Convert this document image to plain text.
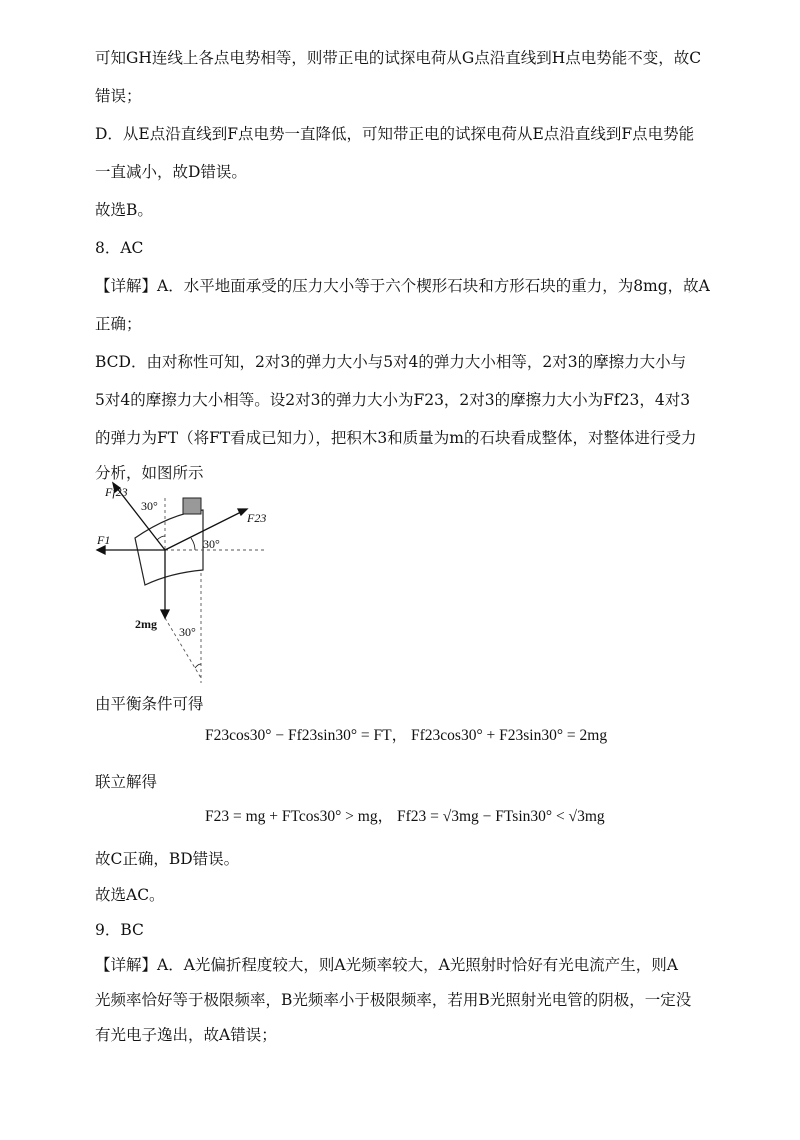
可知GH连线上各点电势相等，则带正电的试探电荷从G点沿直线到H点电势能不变，故C
错误；
D．从E点沿直线到F点电势一直降低，可知带正电的试探电荷从E点沿直线到F点电势能
一直减小，故D错误。
故选B。
8．AC
【详解】A．水平地面承受的压力大小等于六个楔形石块和方形石块的重力，为8mg，故A
正确；
BCD．由对称性可知，2对3的弹力大小与5对4的弹力大小相等，2对3的摩擦力大小与
5对4的摩擦力大小相等。设2对3的弹力大小为F23，2对3的摩擦力大小为Ff23，4对3
的弹力为FT（将FT看成已知力），把积木3和质量为m的石块看成整体，对整体进行受力
分析，如图所示
Ff23
30°
F23
F1	30°
2mg
30°
由平衡条件可得
F23cos30° − Ff23sin30° = FT， Ff23cos30° + F23sin30° = 2mg
联立解得
F23 = mg + FTcos30° > mg， Ff23 = √3mg − FTsin30° < √3mg
故C正确，BD错误。
故选AC。
9．BC
【详解】A．A光偏折程度较大，则A光频率较大，A光照射时恰好有光电流产生，则A
光频率恰好等于极限频率，B光频率小于极限频率，若用B光照射光电管的阴极，一定没
有光电子逸出，故A错误；
